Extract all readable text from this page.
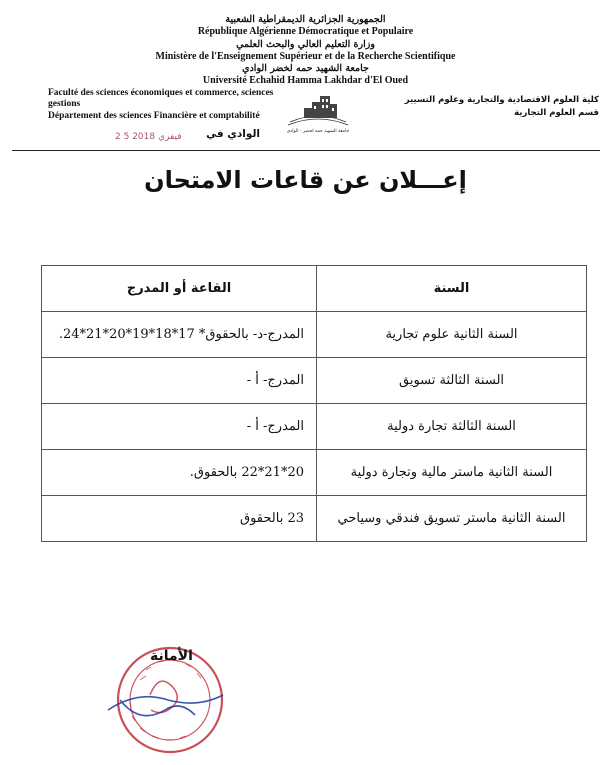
الجمهورية الجزائرية الديمقراطية الشعبية
République Algérienne Démocratique et Populaire
وزارة التعليم العالي والبحث العلمي
Ministère de l'Enseignement Supérieur et de la Recherche Scientifique
جامعة الشهيد حمه لخضر الوادي
Université Echahid Hamma Lakhdar d'El Oued
Faculté des sciences économiques et commerce, sciences gestions
Département des sciences Financière et comptabilité
كلية العلوم الاقتصادية والتجارية وعلوم التسيير
قسم العلوم التجارية
جامعة الشهيد حمه لخضر - الوادي
2 5 فيفري 2018 الوادي في
إعـــلان عن قاعات الامتحان
السنة	القاعة أو المدرج
السنة الثانية علوم تجارية	المدرج-د- بالحقوق* 17*18*19*20*21*24.
السنة الثالثة تسويق	المدرج- أ -
السنة الثالثة تجارة دولية	المدرج- أ -
السنة الثانية ماستر مالية وتجارة دولية	20*21*22 بالحقوق.
السنة الثانية ماستر تسويق فندقي وسياحي	23 بالحقوق
الأمانة
